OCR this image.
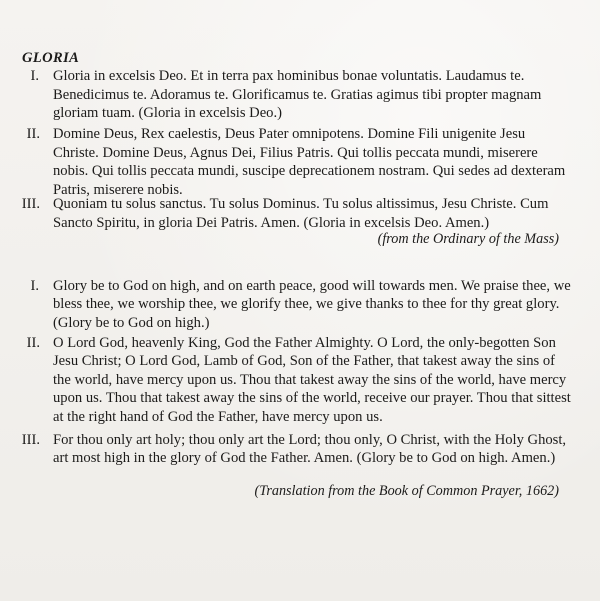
GLORIA
I. Gloria in excelsis Deo. Et in terra pax hominibus bonae voluntatis. Laudamus te. Benedicimus te. Adoramus te. Glorificamus te. Gratias agimus tibi propter magnam gloriam tuam. (Gloria in excelsis Deo.)

II. Domine Deus, Rex caelestis, Deus Pater omnipotens. Domine Fili unigenite Jesu Christe. Domine Deus, Agnus Dei, Filius Patris. Qui tollis peccata mundi, miserere nobis. Qui tollis peccata mundi, suscipe deprecationem nostram. Qui sedes ad dexteram Patris, miserere nobis.

III. Quoniam tu solus sanctus. Tu solus Dominus. Tu solus altissimus, Jesu Christe. Cum Sancto Spiritu, in gloria Dei Patris. Amen. (Gloria in excelsis Deo. Amen.)

(from the Ordinary of the Mass)

I. Glory be to God on high, and on earth peace, good will towards men. We praise thee, we bless thee, we worship thee, we glorify thee, we give thanks to thee for thy great glory. (Glory be to God on high.)

II. O Lord God, heavenly King, God the Father Almighty. O Lord, the only-begotten Son Jesu Christ; O Lord God, Lamb of God, Son of the Father, that takest away the sins of the world, have mercy upon us. Thou that takest away the sins of the world, have mercy upon us. Thou that takest away the sins of the world, receive our prayer. Thou that sittest at the right hand of God the Father, have mercy upon us.

III. For thou only art holy; thou only art the Lord; thou only, O Christ, with the Holy Ghost, art most high in the glory of God the Father. Amen. (Glory be to God on high. Amen.)

(Translation from the Book of Common Prayer, 1662)
